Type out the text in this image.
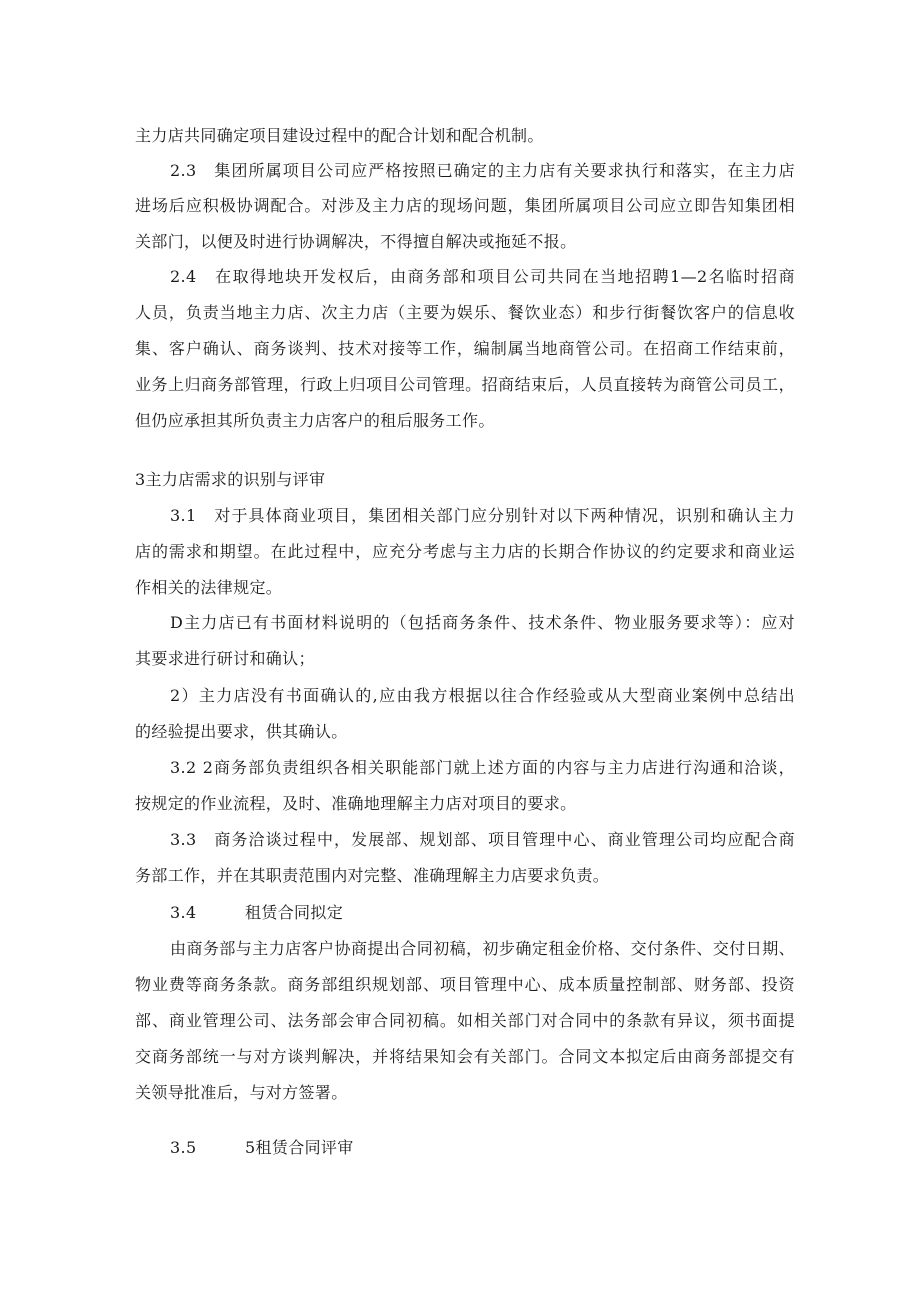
主力店共同确定项目建设过程中的配合计划和配合机制。
2.3　集团所属项目公司应严格按照已确定的主力店有关要求执行和落实，在主力店
进场后应积极协调配合。对涉及主力店的现场问题，集团所属项目公司应立即告知集团相
关部门，以便及时进行协调解决，不得擅自解决或拖延不报。
2.4　在取得地块开发权后，由商务部和项目公司共同在当地招聘1—2名临时招商
人员，负责当地主力店、次主力店（主要为娱乐、餐饮业态）和步行街餐饮客户的信息收
集、客户确认、商务谈判、技术对接等工作，编制属当地商管公司。在招商工作结束前，
业务上归商务部管理，行政上归项目公司管理。招商结束后，人员直接转为商管公司员工，
但仍应承担其所负责主力店客户的租后服务工作。
3主力店需求的识别与评审
3.1　对于具体商业项目，集团相关部门应分别针对以下两种情况，识别和确认主力
店的需求和期望。在此过程中，应充分考虑与主力店的长期合作协议的约定要求和商业运
作相关的法律规定。
D主力店已有书面材料说明的（包括商务条件、技术条件、物业服务要求等）：应对
其要求进行研讨和确认；
2）主力店没有书面确认的,应由我方根据以往合作经验或从大型商业案例中总结出
的经验提出要求，供其确认。
3.2 2商务部负责组织各相关职能部门就上述方面的内容与主力店进行沟通和洽谈，
按规定的作业流程，及时、准确地理解主力店对项目的要求。
3.3　商务洽谈过程中，发展部、规划部、项目管理中心、商业管理公司均应配合商
务部工作，并在其职责范围内对完整、准确理解主力店要求负责。
3.4	租赁合同拟定
由商务部与主力店客户协商提出合同初稿，初步确定租金价格、交付条件、交付日期、
物业费等商务条款。商务部组织规划部、项目管理中心、成本质量控制部、财务部、投资
部、商业管理公司、法务部会审合同初稿。如相关部门对合同中的条款有异议，须书面提
交商务部统一与对方谈判解决，并将结果知会有关部门。合同文本拟定后由商务部提交有
关领导批准后，与对方签署。
3.5	5租赁合同评审
